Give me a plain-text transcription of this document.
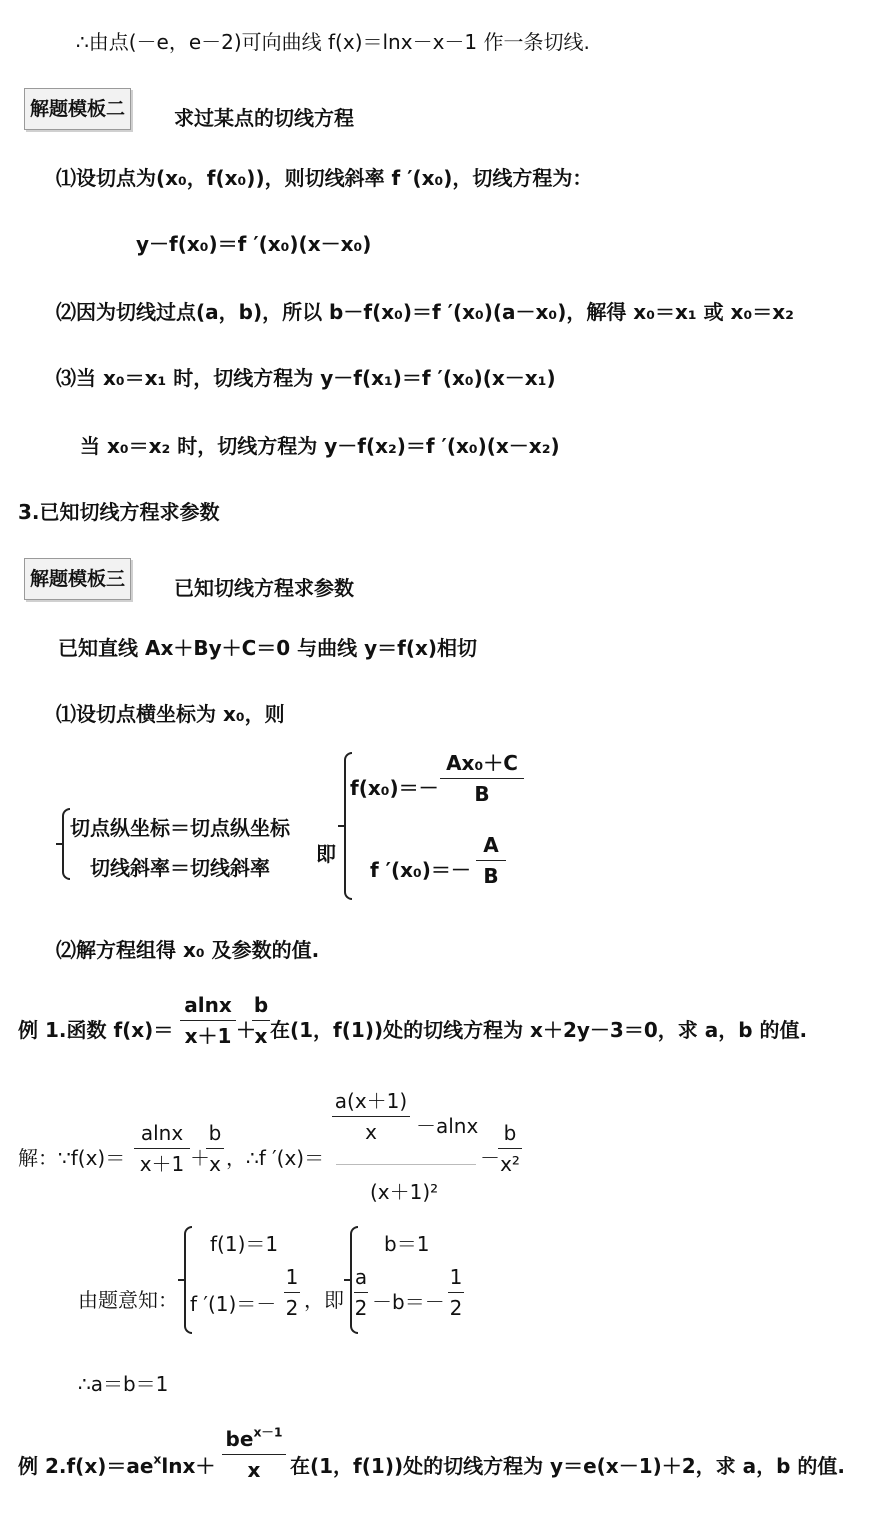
∴由点(－e，e－2)可向曲线 f(x)＝lnx－x－1 作一条切线.
解题模板二	求过某点的切线方程
⑴设切点为(x₀，f(x₀))，则切线斜率 f ′(x₀)，切线方程为：
y－f(x₀)＝f ′(x₀)(x－x₀)
⑵因为切线过点(a，b)，所以 b－f(x₀)＝f ′(x₀)(a－x₀)，解得 x₀＝x₁ 或 x₀＝x₂
⑶当 x₀＝x₁ 时，切线方程为 y－f(x₁)＝f ′(x₀)(x－x₁)
当 x₀＝x₂ 时，切线方程为 y－f(x₂)＝f ′(x₀)(x－x₂)
3.已知切线方程求参数
解题模板三	已知切线方程求参数
已知直线 Ax＋By＋C＝0 与曲线 y＝f(x)相切
⑴设切点横坐标为 x₀，则
切点纵坐标＝切点纵坐标
切线斜率＝切线斜率
即
f(x₀)＝－
Ax₀＋C
B
f ′(x₀)＝－
A
B
⑵解方程组得 x₀ 及参数的值.
例 1.函数 f(x)＝
alnx
x＋1 ＋
b
x 在(1，f(1))处的切线方程为 x＋2y－3＝0，求 a，b 的值.
解：∵f(x)＝
alnx
x＋1 ＋
b
x ，∴f ′(x)＝
a(x＋1)
x	－alnx
(x＋1)²
－
b
x²
由题意知：
f(1)＝1
f ′(1)＝－
1
2 ，即
b＝1
a
2 －b＝－
1
2
∴a＝b＝1
例 $2.f(x)=ae^x\ln x+$
$be^{x-1}$
x	在(1，f(1))处的切线方程为 y＝e(x－1)＋2，求 a，b 的值.
